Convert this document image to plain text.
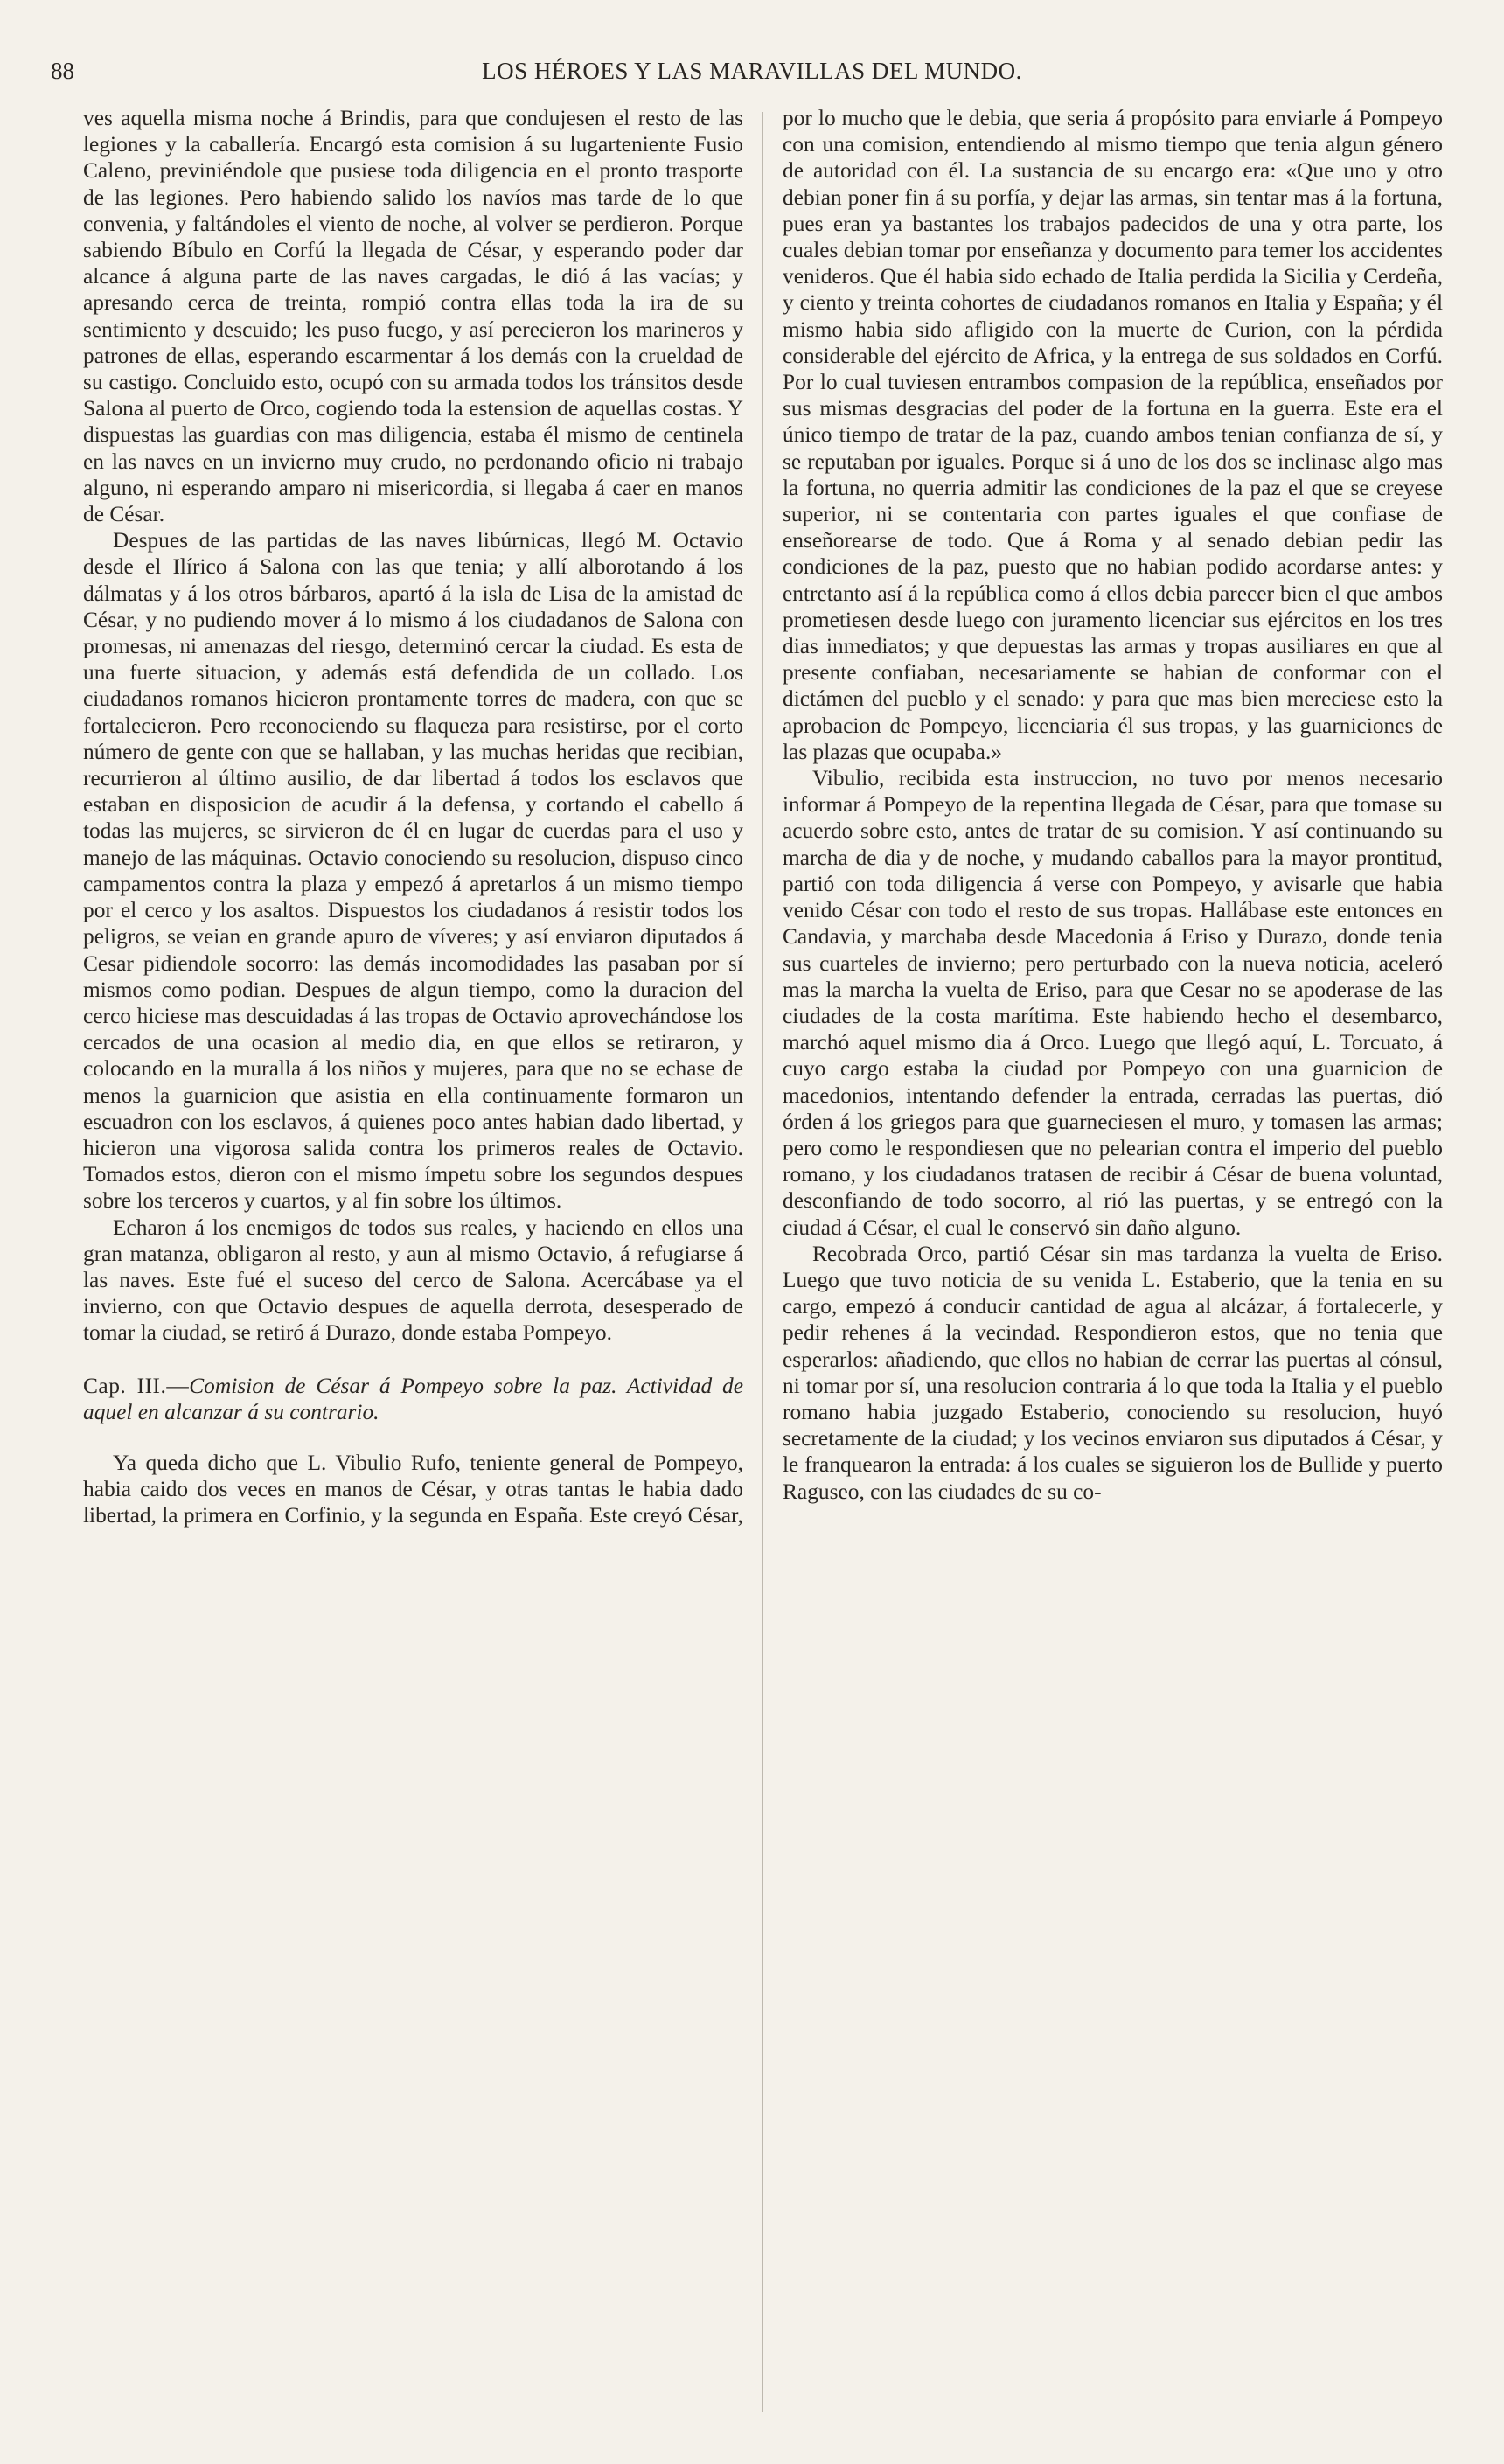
88	LOS HÉROES Y LAS MARAVILLAS DEL MUNDO.

ves aquella misma noche á Brindis, para que condujesen el resto de las legiones y la caballería. Encargó esta comision á su lugarteniente Fusio Caleno, previniéndole que pusiese toda diligencia en el pronto trasporte de las legiones. Pero habiendo salido los navíos mas tarde de lo que convenia, y faltándoles el viento de noche, al volver se perdieron. Porque sabiendo Bíbulo en Corfú la llegada de César, y esperando poder dar alcance á alguna parte de las naves cargadas, le dió á las vacías; y apresando cerca de treinta, rompió contra ellas toda la ira de su sentimiento y descuido; les puso fuego, y así perecieron los marineros y patrones de ellas, esperando escarmentar á los demás con la crueldad de su castigo. Concluido esto, ocupó con su armada todos los tránsitos desde Salona al puerto de Orco, cogiendo toda la estension de aquellas costas. Y dispuestas las guardias con mas diligencia, estaba él mismo de centinela en las naves en un invierno muy crudo, no perdonando oficio ni trabajo alguno, ni esperando amparo ni misericordia, si llegaba á caer en manos de César.

Despues de las partidas de las naves libúrnicas, llegó M. Octavio desde el Ilírico á Salona con las que tenia; y allí alborotando á los dálmatas y á los otros bárbaros, apartó á la isla de Lisa de la amistad de César, y no pudiendo mover á lo mismo á los ciudadanos de Salona con promesas, ni amenazas del riesgo, determinó cercar la ciudad. Es esta de una fuerte situacion, y además está defendida de un collado. Los ciudadanos romanos hicieron prontamente torres de madera, con que se fortalecieron. Pero reconociendo su flaqueza para resistirse, por el corto número de gente con que se hallaban, y las muchas heridas que recibian, recurrieron al último ausilio, de dar libertad á todos los esclavos que estaban en disposicion de acudir á la defensa, y cortando el cabello á todas las mujeres, se sirvieron de él en lugar de cuerdas para el uso y manejo de las máquinas. Octavio conociendo su resolucion, dispuso cinco campamentos contra la plaza y empezó á apretarlos á un mismo tiempo por el cerco y los asaltos. Dispuestos los ciudadanos á resistir todos los peligros, se veian en grande apuro de víveres; y así enviaron diputados á Cesar pidiendole socorro: las demás incomodidades las pasaban por sí mismos como podian. Despues de algun tiempo, como la duracion del cerco hiciese mas descuidadas á las tropas de Octavio aprovechándose los cercados de una ocasion al medio dia, en que ellos se retiraron, y colocando en la muralla á los niños y mujeres, para que no se echase de menos la guarnicion que asistia en ella continuamente formaron un escuadron con los esclavos, á quienes poco antes habian dado libertad, y hicieron una vigorosa salida contra los primeros reales de Octavio. Tomados estos, dieron con el mismo ímpetu sobre los segundos despues sobre los terceros y cuartos, y al fin sobre los últimos.

Echaron á los enemigos de todos sus reales, y haciendo en ellos una gran matanza, obligaron al resto, y aun al mismo Octavio, á refugiarse á las naves. Este fué el suceso del cerco de Salona. Acercábase ya el invierno, con que Octavio despues de aquella derrota, desesperado de tomar la ciudad, se retiró á Durazo, donde estaba Pompeyo.

Cap. III.—Comision de César á Pompeyo sobre la paz. Actividad de aquel en alcanzar á su contrario.

Ya queda dicho que L. Vibulio Rufo, teniente general de Pompeyo, habia caido dos veces en manos de César, y otras tantas le habia dado libertad, la primera en Corfinio, y la segunda en España. Este creyó César,

por lo mucho que le debia, que seria á propósito para enviarle á Pompeyo con una comision, entendiendo al mismo tiempo que tenia algun género de autoridad con él. La sustancia de su encargo era: «Que uno y otro debian poner fin á su porfía, y dejar las armas, sin tentar mas á la fortuna, pues eran ya bastantes los trabajos padecidos de una y otra parte, los cuales debian tomar por enseñanza y documento para temer los accidentes venideros. Que él habia sido echado de Italia perdida la Sicilia y Cerdeña, y ciento y treinta cohortes de ciudadanos romanos en Italia y España; y él mismo habia sido afligido con la muerte de Curion, con la pérdida considerable del ejército de Africa, y la entrega de sus soldados en Corfú. Por lo cual tuviesen entrambos compasion de la república, enseñados por sus mismas desgracias del poder de la fortuna en la guerra. Este era el único tiempo de tratar de la paz, cuando ambos tenian confianza de sí, y se reputaban por iguales. Porque si á uno de los dos se inclinase algo mas la fortuna, no querria admitir las condiciones de la paz el que se creyese superior, ni se contentaria con partes iguales el que confiase de enseñorearse de todo. Que á Roma y al senado debian pedir las condiciones de la paz, puesto que no habian podido acordarse antes: y entretanto así á la república como á ellos debia parecer bien el que ambos prometiesen desde luego con juramento licenciar sus ejércitos en los tres dias inmediatos; y que depuestas las armas y tropas ausiliares en que al presente confiaban, necesariamente se habian de conformar con el dictámen del pueblo y el senado: y para que mas bien mereciese esto la aprobacion de Pompeyo, licenciaria él sus tropas, y las guarniciones de las plazas que ocupaba.»

Vibulio, recibida esta instruccion, no tuvo por menos necesario informar á Pompeyo de la repentina llegada de César, para que tomase su acuerdo sobre esto, antes de tratar de su comision. Y así continuando su marcha de dia y de noche, y mudando caballos para la mayor prontitud, partió con toda diligencia á verse con Pompeyo, y avisarle que habia venido César con todo el resto de sus tropas. Hallábase este entonces en Candavia, y marchaba desde Macedonia á Eriso y Durazo, donde tenia sus cuarteles de invierno; pero perturbado con la nueva noticia, aceleró mas la marcha la vuelta de Eriso, para que Cesar no se apoderase de las ciudades de la costa marítima. Este habiendo hecho el desembarco, marchó aquel mismo dia á Orco. Luego que llegó aquí, L. Torcuato, á cuyo cargo estaba la ciudad por Pompeyo con una guarnicion de macedonios, intentando defender la entrada, cerradas las puertas, dió órden á los griegos para que guarneciesen el muro, y tomasen las armas; pero como le respondiesen que no pelearian contra el imperio del pueblo romano, y los ciudadanos tratasen de recibir á César de buena voluntad, desconfiando de todo socorro, al rió las puertas, y se entregó con la ciudad á César, el cual le conservó sin daño alguno.

Recobrada Orco, partió César sin mas tardanza la vuelta de Eriso. Luego que tuvo noticia de su venida L. Estaberio, que la tenia en su cargo, empezó á conducir cantidad de agua al alcázar, á fortalecerle, y pedir rehenes á la vecindad. Respondieron estos, que no tenia que esperarlos: añadiendo, que ellos no habian de cerrar las puertas al cónsul, ni tomar por sí, una resolucion contraria á lo que toda la Italia y el pueblo romano habia juzgado Estaberio, conociendo su resolucion, huyó secretamente de la ciudad; y los vecinos enviaron sus diputados á César, y le franquearon la entrada: á los cuales se siguieron los de Bullide y puerto Raguseo, con las ciudades de su co-
